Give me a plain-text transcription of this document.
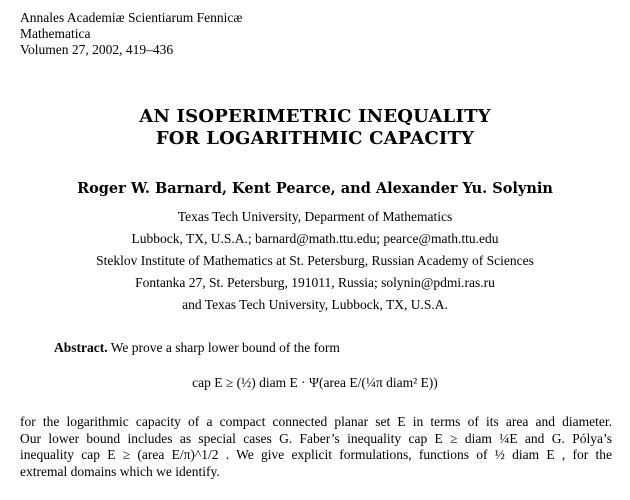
Annales Academiæ Scientiarum Fennicæ
Mathematica
Volumen 27, 2002, 419–436
AN ISOPERIMETRIC INEQUALITY
FOR LOGARITHMIC CAPACITY
Roger W. Barnard, Kent Pearce, and Alexander Yu. Solynin
Texas Tech University, Deparment of Mathematics
Lubbock, TX, U.S.A.; barnard@math.ttu.edu; pearce@math.ttu.edu
Steklov Institute of Mathematics at St. Petersburg, Russian Academy of Sciences
Fontanka 27, St. Petersburg, 191011, Russia; solynin@pdmi.ras.ru
and Texas Tech University, Lubbock, TX, U.S.A.
Abstract. We prove a sharp lower bound of the form
cap E ≥ (½) diam E · Ψ(area E/(¼π diam² E))
for the logarithmic capacity of a compact connected planar set E in terms of its area and diameter.
Our lower bound includes as special cases G. Faber’s inequality cap E ≥ diam ¼E and G. Pólya’s
inequality cap E ≥ (area E/π)^1/2 . We give explicit formulations, functions of ½ diam E , for the
extremal domains which we identify.
